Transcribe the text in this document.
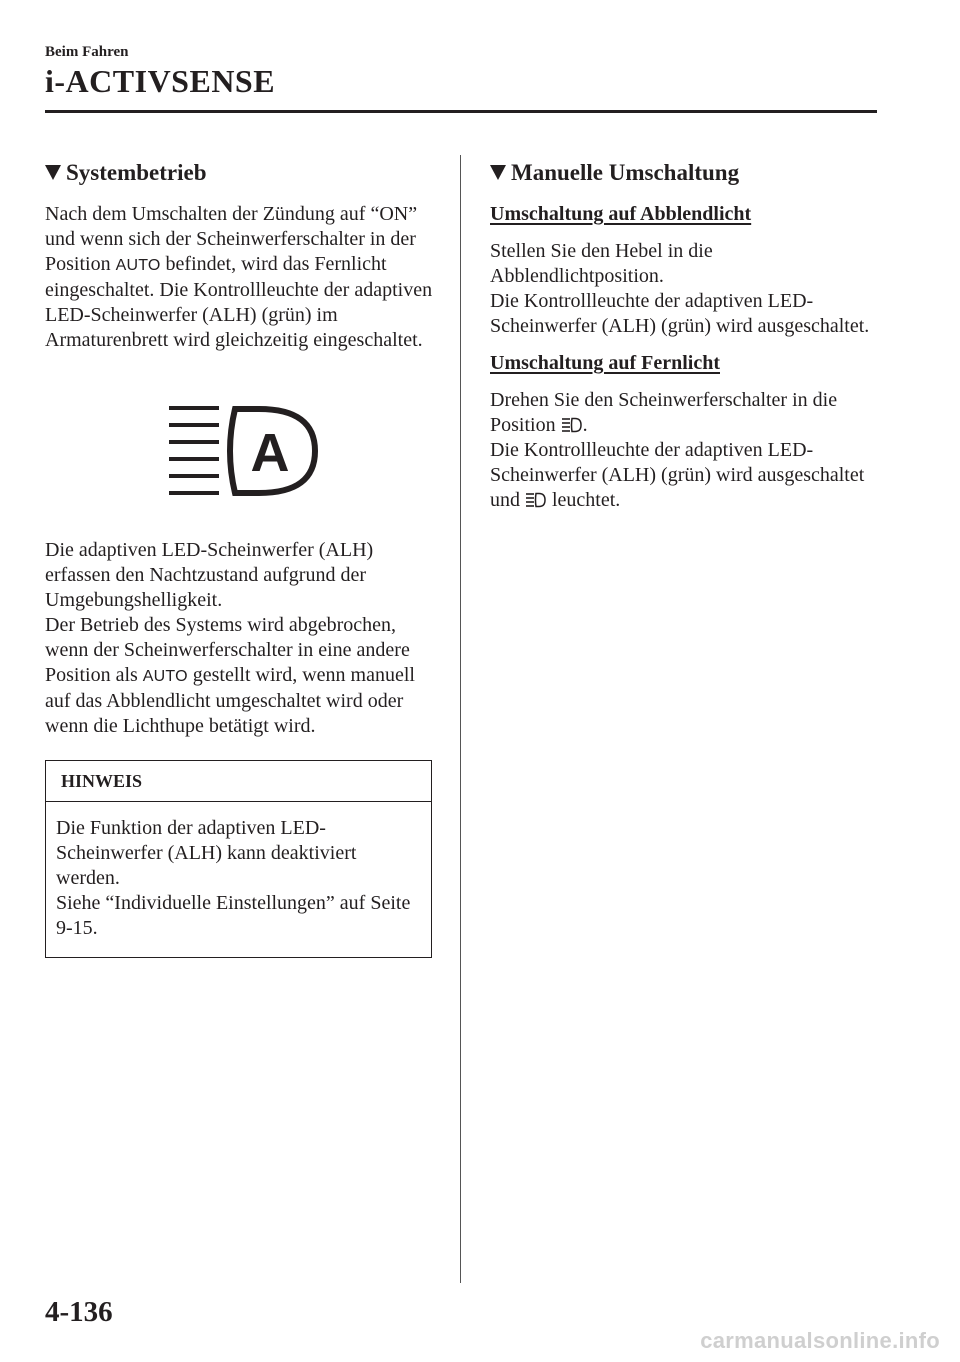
Beim Fahren

i-ACTIVSENSE
Systembetrieb

Nach dem Umschalten der Zündung auf “ON” und wenn sich der Scheinwerferschalter in der Position AUTO befindet, wird das Fernlicht eingeschaltet. Die Kontrollleuchte der adaptiven LED-Scheinwerfer (ALH) (grün) im Armaturenbrett wird gleichzeitig eingeschaltet.

A

Die adaptiven LED-Scheinwerfer (ALH) erfassen den Nachtzustand aufgrund der Umgebungshelligkeit.

Der Betrieb des Systems wird abgebrochen, wenn der Scheinwerferschalter in eine andere Position als AUTO gestellt wird, wenn manuell auf das Abblendlicht umgeschaltet wird oder wenn die Lichthupe betätigt wird.

HINWEIS

Die Funktion der adaptiven LED-Scheinwerfer (ALH) kann deaktiviert werden.

Siehe “Individuelle Einstellungen” auf Seite 9-15.

Manuelle Umschaltung

Umschaltung auf Abblendlicht

Stellen Sie den Hebel in die Abblendlichtposition.

Die Kontrollleuchte der adaptiven LED-Scheinwerfer (ALH) (grün) wird ausgeschaltet.

Umschaltung auf Fernlicht

Drehen Sie den Scheinwerferschalter in die Position .

Die Kontrollleuchte der adaptiven LED-Scheinwerfer (ALH) (grün) wird ausgeschaltet und  leuchtet.

4-136

carmanualsonline.info
